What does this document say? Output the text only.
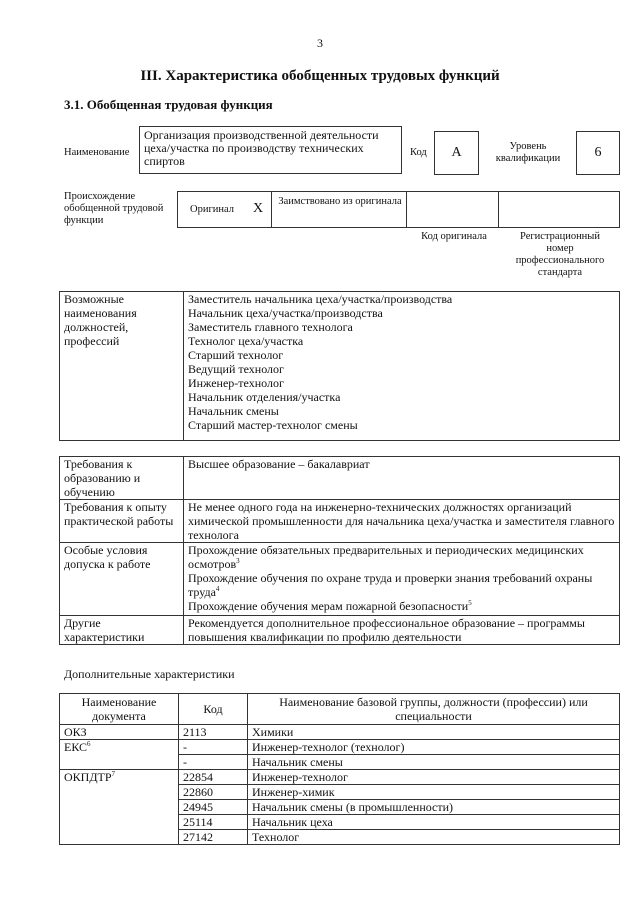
3
III. Характеристика обобщенных трудовых функций
3.1. Обобщенная трудовая функция
Наименование
Организация производственной деятельности цеха/участка по производству технических спиртов
Код	А	Уровень квалификации	6
Происхождение обобщенной трудовой функции
Оригинал X Заимствовано из оригинала
Код оригинала	Регистрационный номер профессионального стандарта
Возможные наименования должностей, профессий	
Заместитель начальника цеха/участка/производства
Начальник цеха/участка/производства
Заместитель главного технолога
Технолог цеха/участка
Старший технолог
Ведущий технолог
Инженер-технолог
Начальник отделения/участка
Начальник смены
Старший мастер-технолог смены
Требования к образованию и обучению	Высшее образование – бакалавриат
Требования к опыту практической работы	Не менее одного года на инженерно-технических должностях организаций химической промышленности для начальника цеха/участка и заместителя главного технолога
Особые условия допуска к работе	Прохождение обязательных предварительных и периодических медицинских осмотров$^3$
Прохождение обучения по охране труда и проверки знания требований охраны труда$^4$
Прохождение обучения мерам пожарной безопасности$^5$

Другие характеристики	Рекомендуется дополнительное профессиональное образование – программы повышения квалификации по профилю деятельности
Дополнительные характеристики
Наименование документа	Код	Наименование базовой группы, должности (профессии) или специальности
ОКЗ	2113	Химики
ЕКС$^6$	-	Инженер-технолог (технолог)
	-	Начальник смены
ОКПДТР$^7$	22854	Инженер-технолог
	22860	Инженер-химик
	24945	Начальник смены (в промышленности)
	25114	Начальник цеха
	27142	Технолог
